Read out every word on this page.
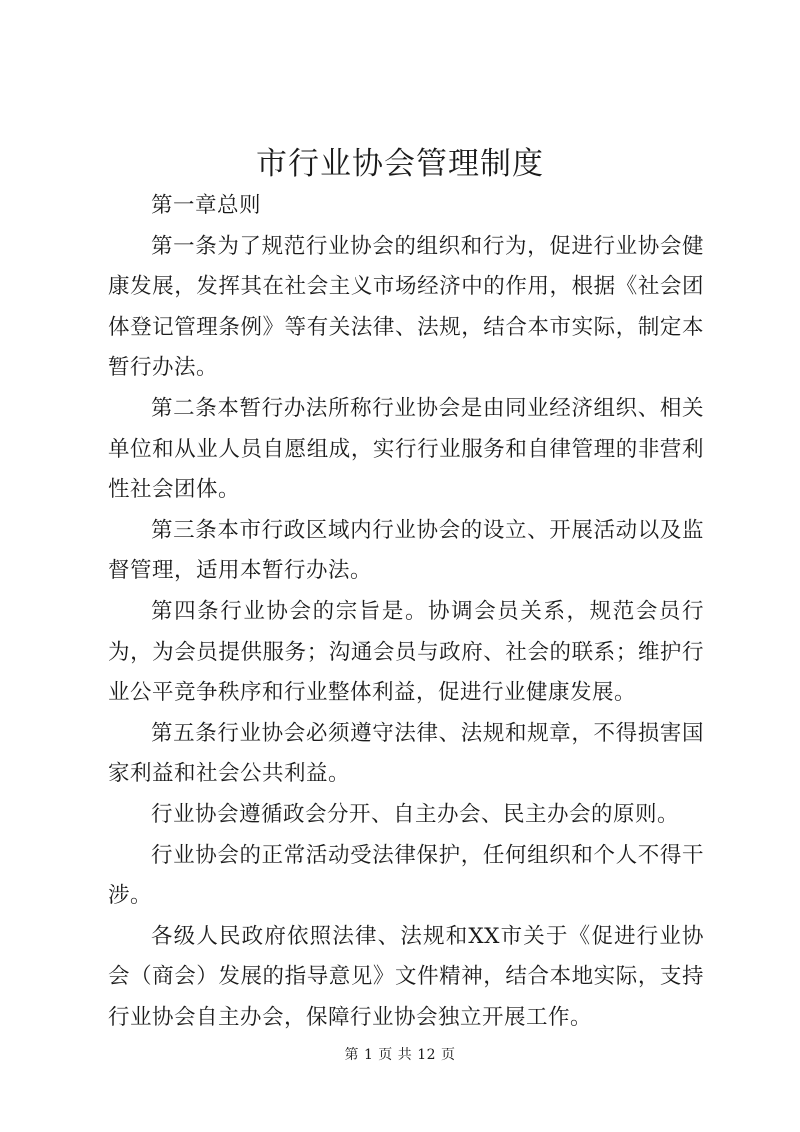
市行业协会管理制度

第一章总则

第一条为了规范行业协会的组织和行为，促进行业协会健康发展，发挥其在社会主义市场经济中的作用，根据《社会团体登记管理条例》等有关法律、法规，结合本市实际，制定本暂行办法。

第二条本暂行办法所称行业协会是由同业经济组织、相关单位和从业人员自愿组成，实行行业服务和自律管理的非营利性社会团体。

第三条本市行政区域内行业协会的设立、开展活动以及监督管理，适用本暂行办法。

第四条行业协会的宗旨是。协调会员关系，规范会员行为，为会员提供服务；沟通会员与政府、社会的联系；维护行业公平竞争秩序和行业整体利益，促进行业健康发展。

第五条行业协会必须遵守法律、法规和规章，不得损害国家利益和社会公共利益。

行业协会遵循政会分开、自主办会、民主办会的原则。

行业协会的正常活动受法律保护，任何组织和个人不得干涉。

各级人民政府依照法律、法规和XX市关于《促进行业协会（商会）发展的指导意见》文件精神，结合本地实际，支持行业协会自主办会，保障行业协会独立开展工作。

第 1 页 共 12 页
